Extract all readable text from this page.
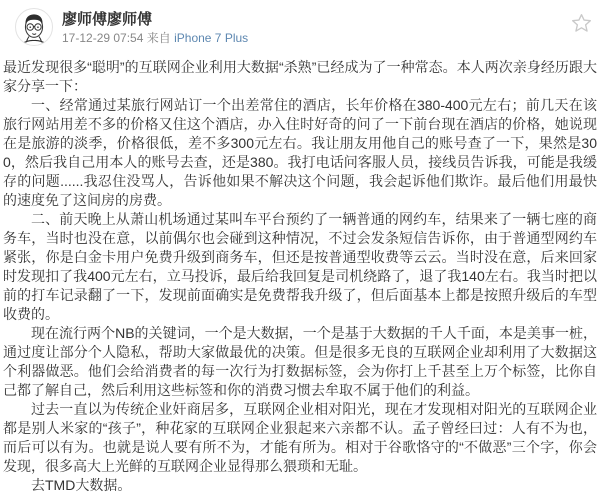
廖师傅廖师傅
17-12-29 07:54 来自 iPhone 7 Plus

最近发现很多“聪明”的互联网企业利用大数据“杀熟”已经成为了一种常态。本人两次亲身经历跟大家分享一下：

一、经常通过某旅行网站订一个出差常住的酒店，长年价格在380-400元左右；前几天在该旅行网站用差不多的价格又住这个酒店，办入住时好奇的问了一下前台现在酒店的价格，她说现在是旅游的淡季，价格很低，差不多300元左右。我让朋友用他自己的账号查了一下，果然是300，然后我自己用本人的账号去查，还是380。我打电话问客服人员，接线员告诉我，可能是我缓存的问题......我忍住没骂人，告诉他如果不解决这个问题，我会起诉他们欺诈。最后他们用最快的速度免了这间房的房费。

二、前天晚上从萧山机场通过某叫车平台预约了一辆普通的网约车，结果来了一辆七座的商务车，当时也没在意，以前偶尔也会碰到这种情况，不过会发条短信告诉你，由于普通型网约车紧张，你是白金卡用户免费升级到商务车，但还是按普通型收费等云云。当时没在意，后来回家时发现扣了我400元左右，立马投诉，最后给我回复是司机绕路了，退了我140左右。我当时把以前的打车记录翻了一下，发现前面确实是免费帮我升级了，但后面基本上都是按照升级后的车型收费的。

现在流行两个NB的关键词，一个是大数据，一个是基于大数据的千人千面，本是美事一桩，通过度让部分个人隐私，帮助大家做最优的决策。但是很多无良的互联网企业却利用了大数据这个利器做恶。他们会给消费者的每一次行为打数据标签，会为你打上千甚至上万个标签，比你自己都了解自己，然后利用这些标签和你的消费习惯去牟取不属于他们的利益。

过去一直以为传统企业奸商居多，互联网企业相对阳光，现在才发现相对阳光的互联网企业都是别人米家的“孩子”，种花家的互联网企业狠起来六亲都不认。孟子曾经曰过：人有不为也，而后可以有为。也就是说人要有所不为，才能有所为。相对于谷歌恪守的“不做恶”三个字，你会发现，很多高大上光鲜的互联网企业显得那么猥琐和无耻。

去TMD大数据。
